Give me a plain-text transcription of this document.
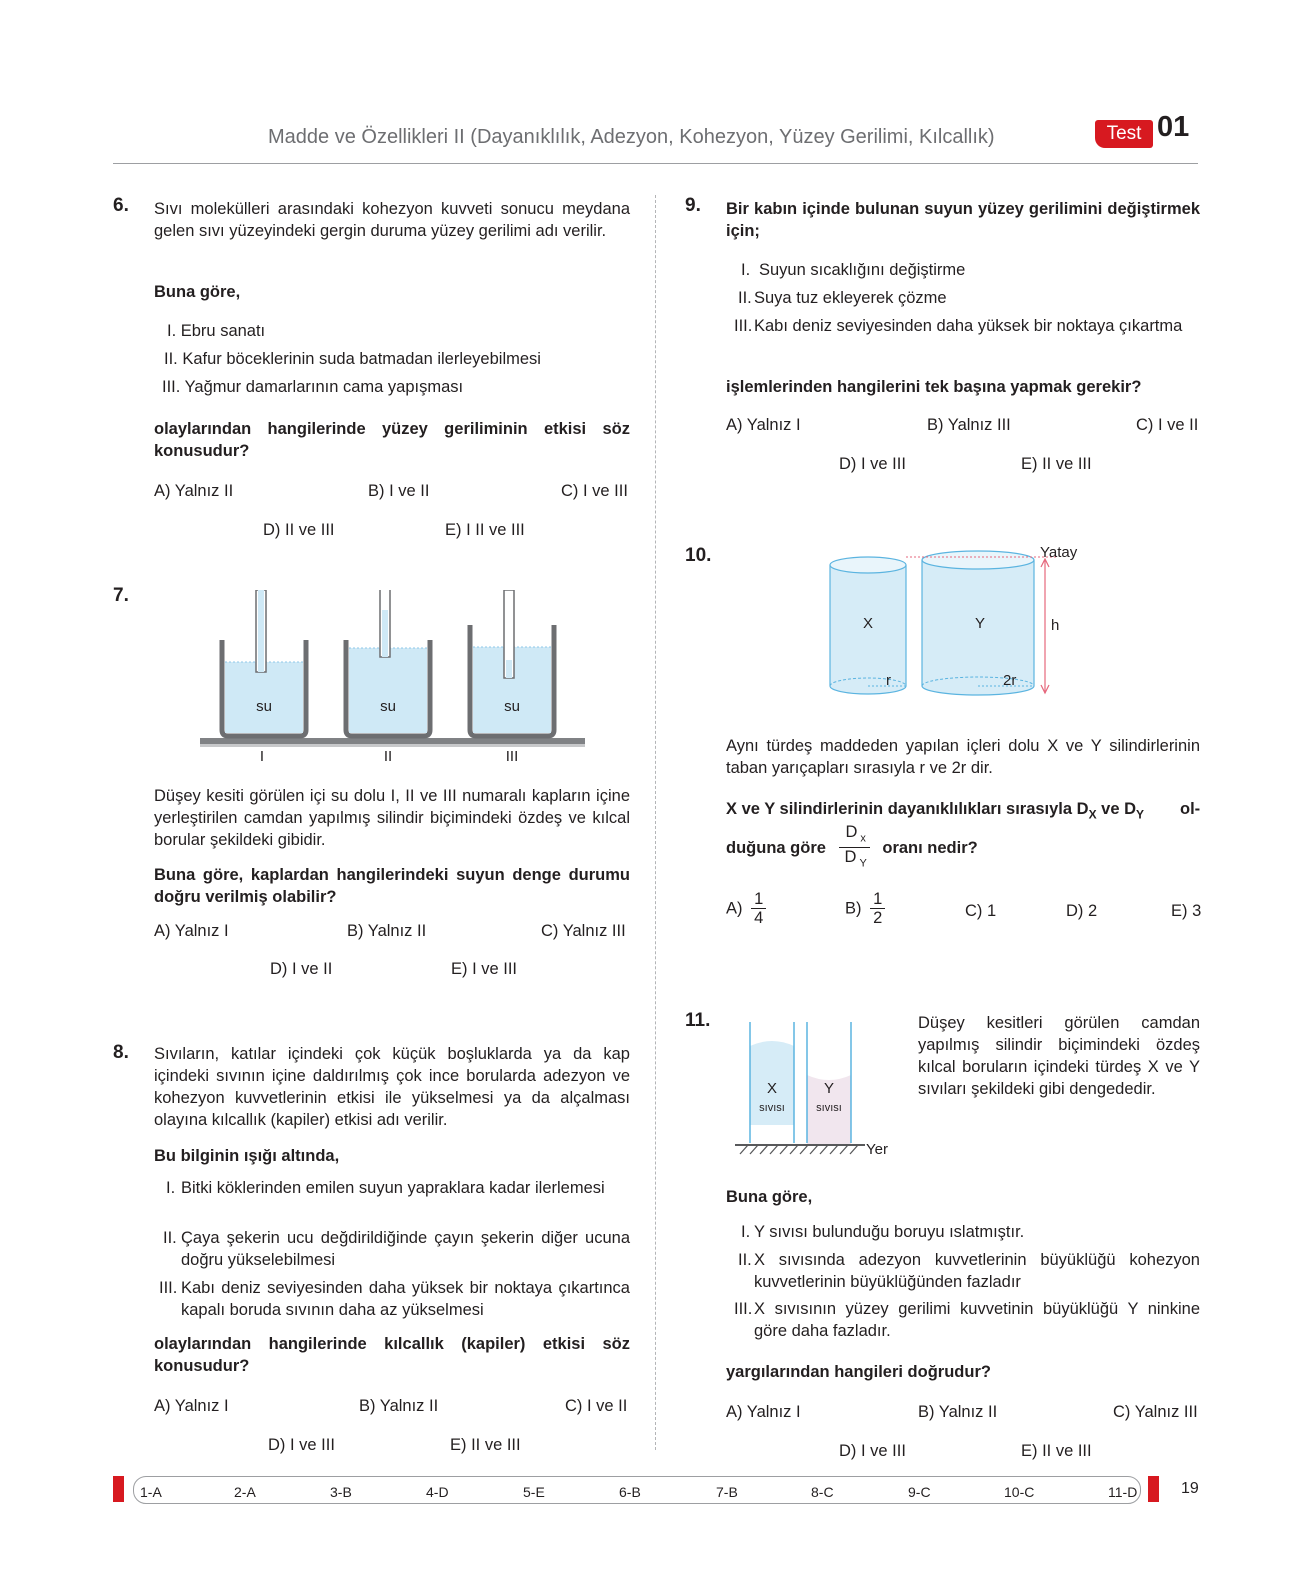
Madde ve Özellikleri II (Dayanıklılık, Adezyon, Kohezyon, Yüzey Gerilimi, Kılcallık)	Test 01
6. Sıvı molekülleri arasındaki kohezyon kuvveti sonucu meydana gelen sıvı yüzeyindeki gergin duruma yüzey gerilimi adı verilir.
Buna göre,
I. Ebru sanatı
II. Kafur böceklerinin suda batmadan ilerleyebilmesi
III. Yağmur damarlarının cama yapışması
olaylarından hangilerinde yüzey geriliminin etkisi söz konusudur?
A) Yalnız II	B) I ve II	C) I ve III
D) II ve III	E) I II ve III
7.
su	su	su
I	II	III
Düşey kesiti görülen içi su dolu I, II ve III numaralı kapların içine yerleştirilen camdan yapılmış silindir biçimindeki özdeş ve kılcal borular şekildeki gibidir.
Buna göre, kaplardan hangilerindeki suyun denge durumu doğru verilmiş olabilir?
A) Yalnız I	B) Yalnız II	C) Yalnız III
D) I ve II	E) I ve III
8. Sıvıların, katılar içindeki çok küçük boşluklarda ya da kap içindeki sıvının içine daldırılmış çok ince borularda adezyon ve kohezyon kuvvetlerinin etkisi ile yükselmesi ya da alçalması olayına kılcallık (kapiler) etkisi adı verilir.
Bu bilginin ışığı altında,
I. Bitki köklerinden emilen suyun yapraklara kadar ilerlemesi
II. Çaya şekerin ucu değdirildiğinde çayın şekerin diğer ucuna doğru yükselebilmesi
III. Kabı deniz seviyesinden daha yüksek bir noktaya çıkartınca kapalı boruda sıvının daha az yükselmesi
olaylarından hangilerinde kılcallık (kapiler) etkisi söz konusudur?
A) Yalnız I	B) Yalnız II	C) I ve II
D) I ve III	E) II ve III
9. Bir kabın içinde bulunan suyun yüzey gerilimini değiştirmek için;
I. Suyun sıcaklığını değiştirme
II. Suya tuz ekleyerek çözme
III. Kabı deniz seviyesinden daha yüksek bir noktaya çıkartma
işlemlerinden hangilerini tek başına yapmak gerekir?
A) Yalnız I	B) Yalnız III	C) I ve II
D) I ve III	E) II ve III
10.	Yatay
X	Y	h
r	2r
Aynı türdeş maddeden yapılan içleri dolu X ve Y silindirlerinin taban yarıçapları sırasıyla r ve 2r dir.
X ve Y silindirlerinin dayanıklılıkları sırasıyla $D_X$ ve $D_Y$ ol-
duğuna göre $\frac{D _x}{D _Y}$ oranı nedir?
$A) \frac{1}{4}$	$B) \frac{1}{2}$	C) 1	D) 2	E) 3
11.
X
sıvısı
Y
sıvısı
Yer
Düşey kesitleri görülen camdan yapılmış silindir biçimindeki özdeş kılcal boruların içindeki türdeş X ve Y sıvıları şekildeki gibi dengededir.
Buna göre,
I. Y sıvısı bulunduğu boruyu ıslatmıştır.
II. X sıvısında adezyon kuvvetlerinin büyüklüğü kohezyon kuvvetlerinin büyüklüğünden fazladır
III. X sıvısının yüzey gerilimi kuvvetinin büyüklüğü Y ninkine göre daha fazladır.
yargılarından hangileri doğrudur?
A) Yalnız I	B) Yalnız II	C) Yalnız III
D) I ve III	E) II ve III
1-A	2-A	3-B	4-D	5-E	6-B	7-B	8-C	9-C	10-C	11-D	19
